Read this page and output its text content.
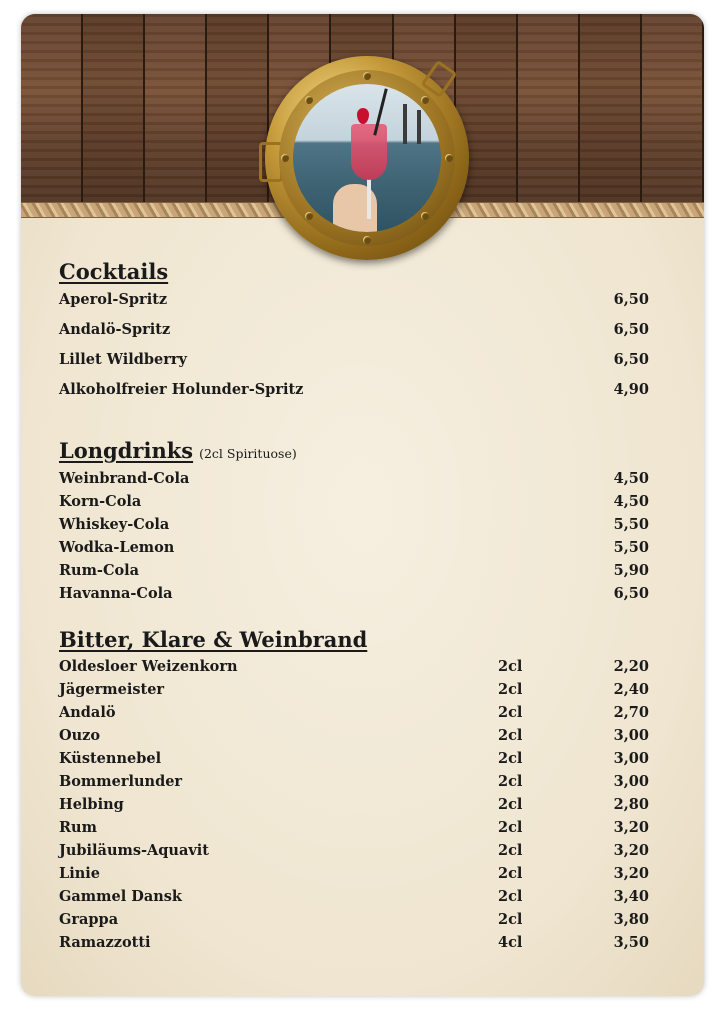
Cocktails
Aperol-Spritz	6,50
Andalö-Spritz	6,50
Lillet Wildberry	6,50
Alkoholfreier Holunder-Spritz	4,90
Longdrinks (2cl Spirituose)
Weinbrand-Cola	4,50
Korn-Cola	4,50
Whiskey-Cola	5,50
Wodka-Lemon	5,50
Rum-Cola	5,90
Havanna-Cola	6,50
Bitter, Klare & Weinbrand
Oldesloer Weizenkorn	2cl	2,20
Jägermeister	2cl	2,40
Andalö	2cl	2,70
Ouzo	2cl	3,00
Küstennebel	2cl	3,00
Bommerlunder	2cl	3,00
Helbing	2cl	2,80
Rum	2cl	3,20
Jubiläums-Aquavit	2cl	3,20
Linie	2cl	3,20
Gammel Dansk	2cl	3,40
Grappa	2cl	3,80
Ramazzotti	4cl	3,50
